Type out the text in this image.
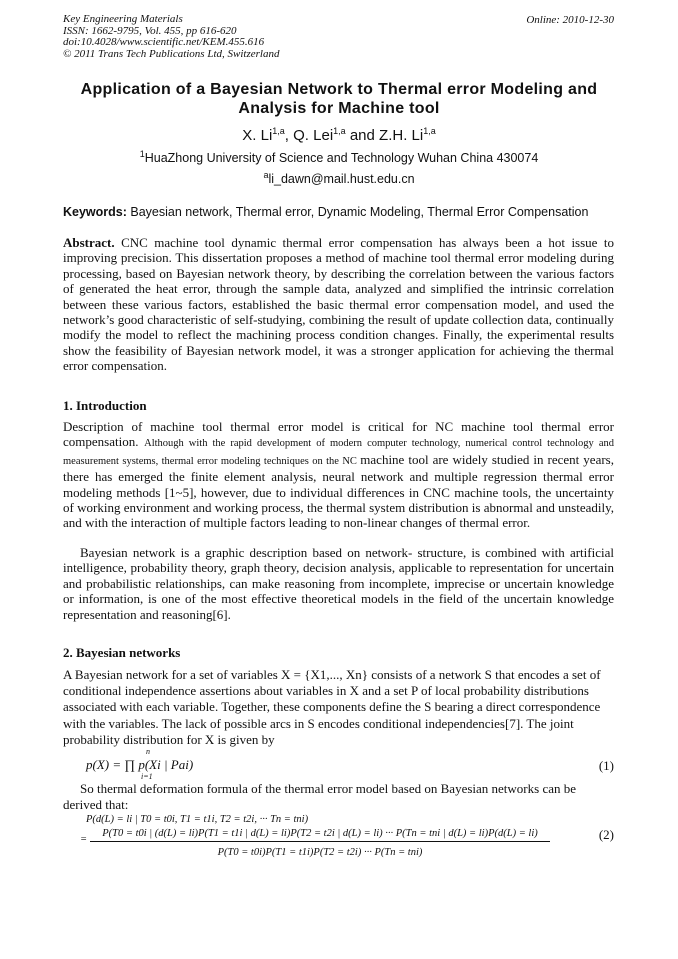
Key Engineering Materials
ISSN: 1662-9795, Vol. 455, pp 616-620
doi:10.4028/www.scientific.net/KEM.455.616
© 2011 Trans Tech Publications Ltd, Switzerland
Online: 2010-12-30
Application of a Bayesian Network to Thermal error Modeling and Analysis for Machine tool
X. Li$^{1,a}$, Q. Lei$^{1,a}$ and Z.H. Li$^{1,a}$
$^1$HuaZhong University of Science and Technology Wuhan China 430074
$^a$li_dawn@mail.hust.edu.cn
Keywords: Bayesian network, Thermal error, Dynamic Modeling, Thermal Error Compensation
Abstract. CNC machine tool dynamic thermal error compensation has always been a hot issue to improving precision. This dissertation proposes a method of machine tool thermal error modeling during processing, based on Bayesian network theory, by describing the correlation between the various factors of generated the heat error, through the sample data, analyzed and simplified the intrinsic correlation between these various factors, established the basic thermal error compensation model, and used the network’s good characteristic of self-studying, combining the result of update collection data, continually modify the model to reflect the machining process condition changes. Finally, the experimental results show the feasibility of Bayesian network model, it was a stronger application for achieving the thermal error compensation.
1. Introduction
Description of machine tool thermal error model is critical for NC machine tool thermal error compensation. Although with the rapid development of modern computer technology, numerical control technology and measurement systems, thermal error modeling techniques on the NC machine tool are widely studied in recent years, there has emerged the finite element analysis, neural network and multiple regression thermal error modeling methods [1~5], however, due to individual differences in CNC machine tools, the uncertainty of working environment and working process, the thermal system distribution is abnormal and unsteadily, and with the interaction of multiple factors leading to non-linear changes of thermal error.
Bayesian network is a graphic description based on network- structure, is combined with artificial intelligence, probability theory, graph theory, decision analysis, applicable to representation for uncertain and probabilistic relationships, can make reasoning from incomplete, imprecise or uncertain knowledge or information, is one of the most effective theoretical models in the field of the uncertain knowledge representation and reasoning[6].
2. Bayesian networks
A Bayesian network for a set of variables X = {X1,..., Xn} consists of a network S that encodes a set of conditional independence assertions about variables in X and a set P of local probability distributions associated with each variable. Together, these components define the S bearing a direct correspondence with the variables. The lack of possible arcs in S encodes conditional independencies[7]. The joint probability distribution for X is given by
p(X) = ∏ p(Xi | Pai)
n
i=1
(1)
So thermal deformation formula of the thermal error model based on Bayesian networks can be derived that:
P(d(L) = li | T0 = t0i, T1 = t1i, T2 = t2i, ··· Tn = tni)
=
P(T0 = t0i | (d(L) = li)P(T1 = t1i | d(L) = li)P(T2 = t2i | d(L) = li) ··· P(Tn = tni | d(L) = li)P(d(L) = li)
P(T0 = t0i)P(T1 = t1i)P(T2 = t2i) ··· P(Tn = tni)
(2)
